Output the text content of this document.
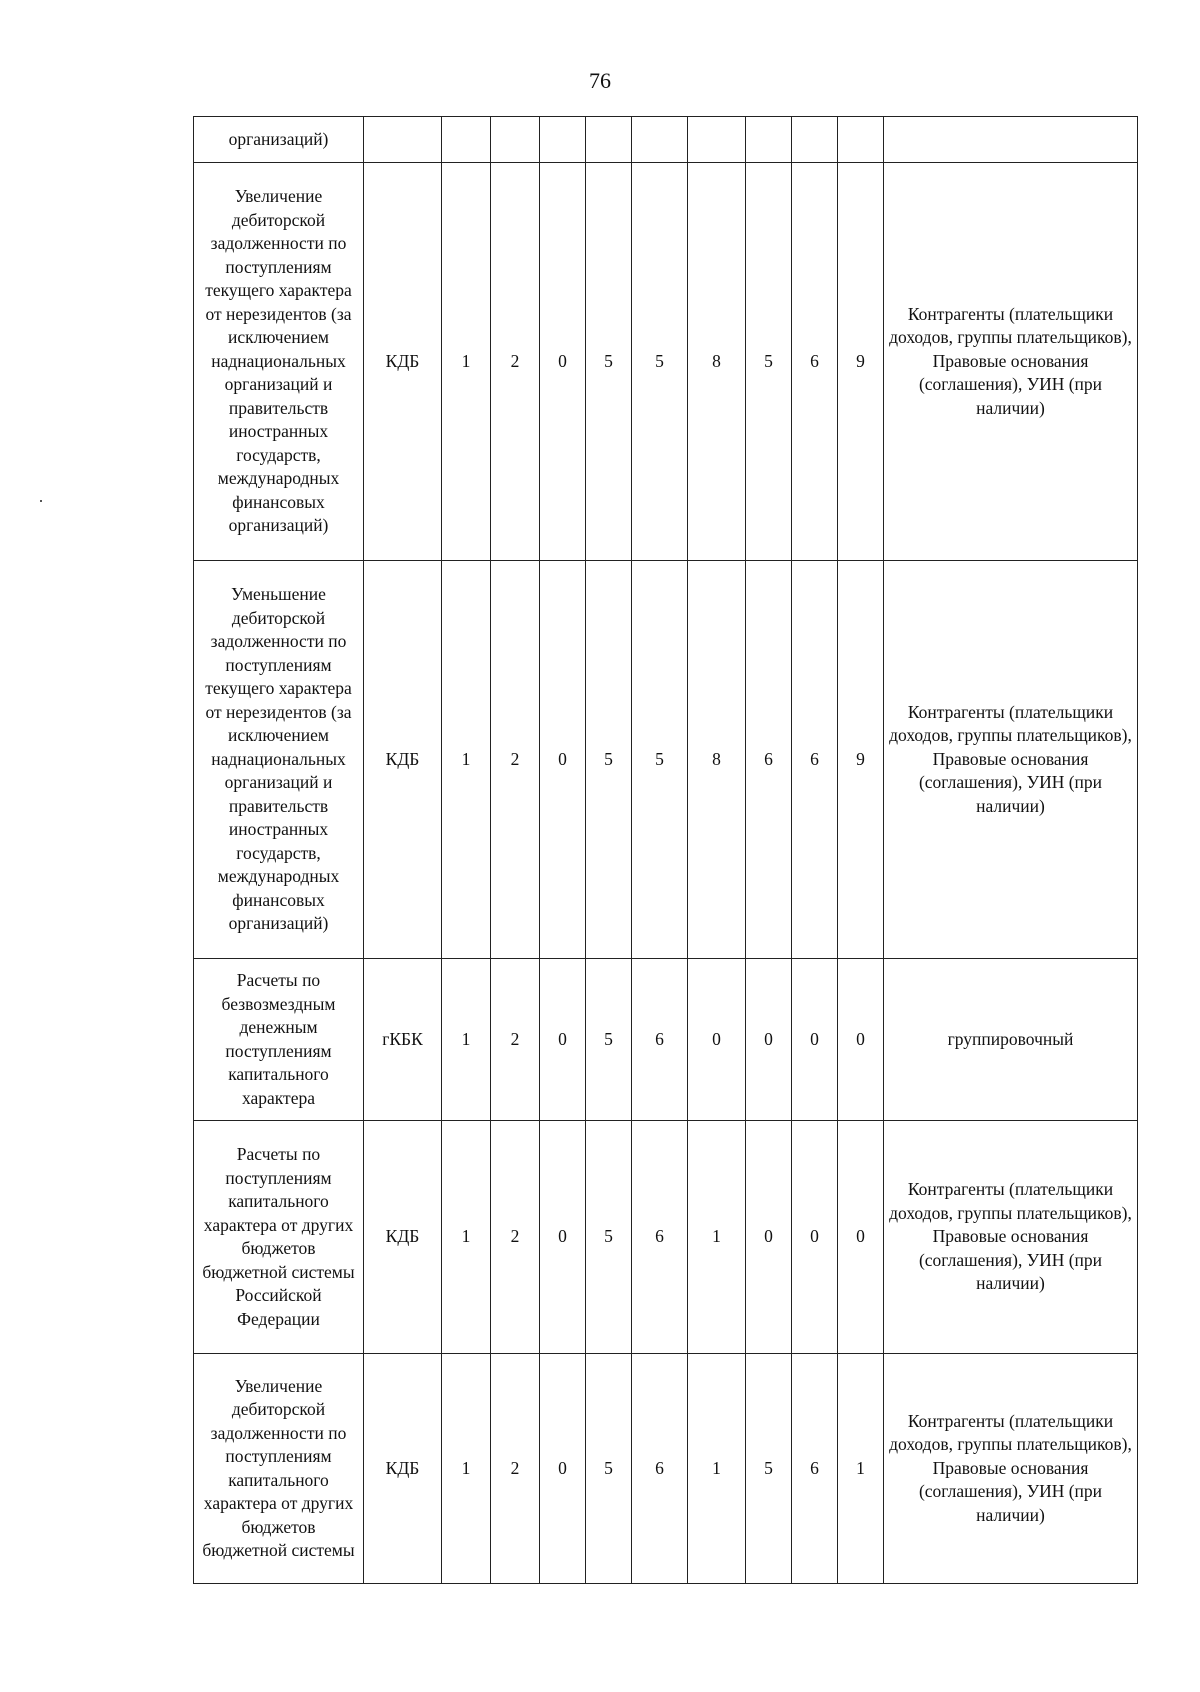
76
организаций)											
Увеличение дебиторской задолженности по поступлениям текущего характера от нерезидентов (за исключением наднациональных организаций и правительств иностранных государств, международных финансовых организаций)	КДБ	1	2	0	5	5	8	5	6	9	Контрагенты (плательщики доходов, группы плательщиков), Правовые основания (соглашения), УИН (при наличии)
Уменьшение дебиторской задолженности по поступлениям текущего характера от нерезидентов (за исключением наднациональных организаций и правительств иностранных государств, международных финансовых организаций)	КДБ	1	2	0	5	5	8	6	6	9	Контрагенты (плательщики доходов, группы плательщиков), Правовые основания (соглашения), УИН (при наличии)
Расчеты по безвозмездным денежным поступлениям капитального характера	гКБК	1	2	0	5	6	0	0	0	0	группировочный
Расчеты по поступлениям капитального характера от других бюджетов бюджетной системы Российской Федерации	КДБ	1	2	0	5	6	1	0	0	0	Контрагенты (плательщики доходов, группы плательщиков), Правовые основания (соглашения), УИН (при наличии)
Увеличение дебиторской задолженности по поступлениям капитального характера от других бюджетов бюджетной системы	КДБ	1	2	0	5	6	1	5	6	1	Контрагенты (плательщики доходов, группы плательщиков), Правовые основания (соглашения), УИН (при наличии)
